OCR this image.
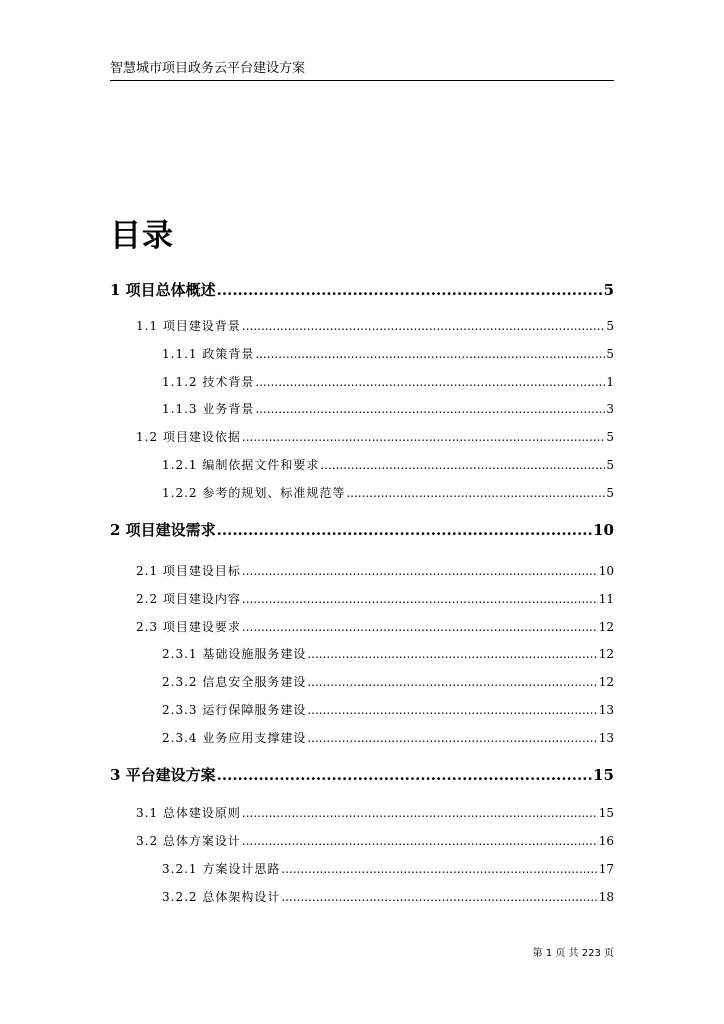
智慧城市项目政务云平台建设方案
目录
1 项目总体概述 .....	5
1.1 项目建设背景 .....	5
1.1.1 政策背景 .....	5
1.1.2 技术背景 .....	1
1.1.3 业务背景 .....	3
1.2 项目建设依据 .....	5
1.2.1 编制依据文件和要求 .....	5
1.2.2 参考的规划、标准规范等 .....	5
2 项目建设需求 .....	10
2.1 项目建设目标 .....	10
2.2 项目建设内容 .....	11
2.3 项目建设要求 .....	12
2.3.1 基础设施服务建设 .....	12
2.3.2 信息安全服务建设 .....	12
2.3.3 运行保障服务建设 .....	13
2.3.4 业务应用支撑建设 .....	13
3 平台建设方案 .....	15
3.1 总体建设原则 .....	15
3.2 总体方案设计 .....	16
3.2.1 方案设计思路 .....	17
3.2.2 总体架构设计 .....	18
第 1 页 共 223 页
